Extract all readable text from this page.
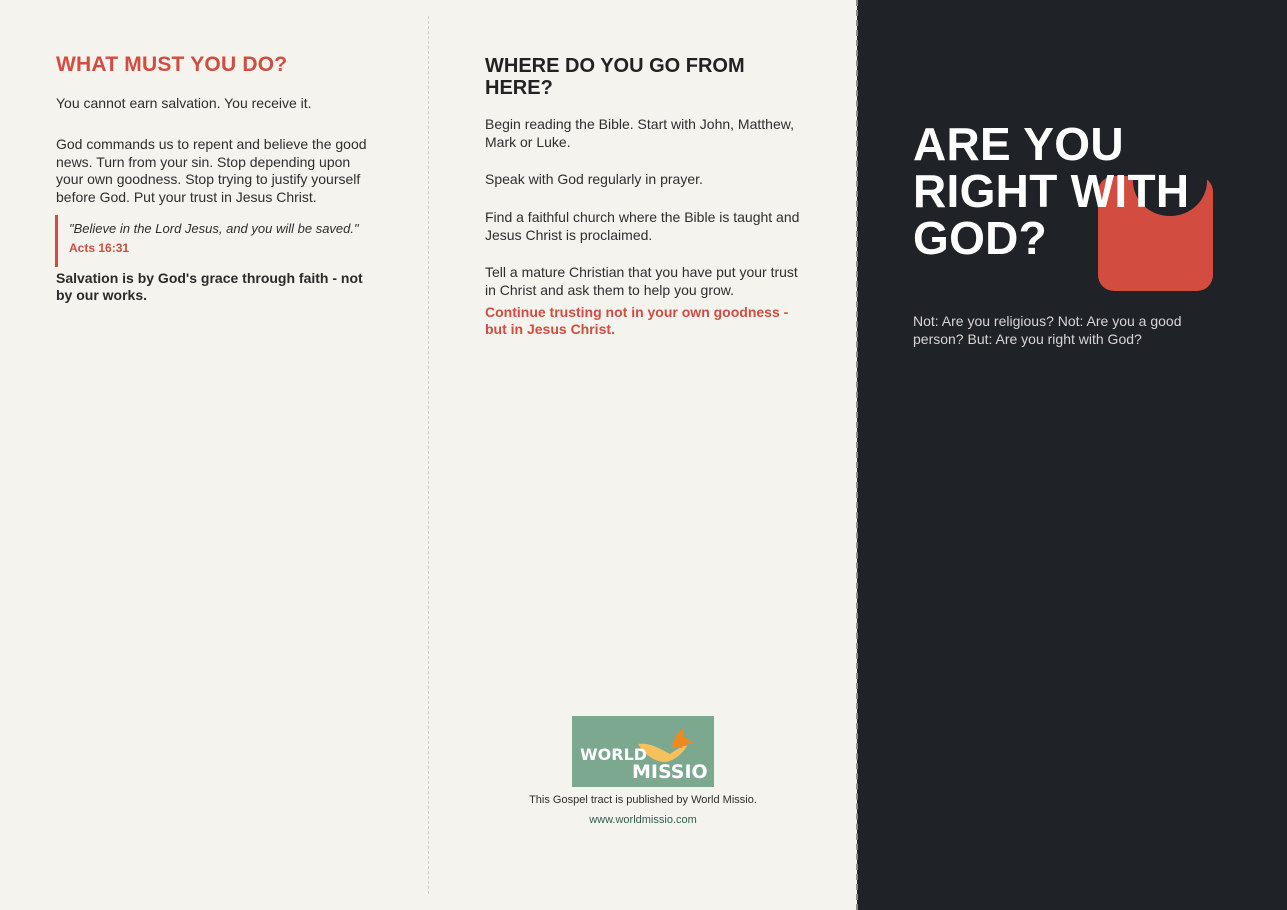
WHAT MUST YOU DO?
You cannot earn salvation. You receive it.
God commands us to repent and believe the good news. Turn from your sin. Stop depending upon your own goodness. Stop trying to justify yourself before God. Put your trust in Jesus Christ.
"Believe in the Lord Jesus, and you will be saved."
Acts 16:31
Salvation is by God's grace through faith - not by our works.
WHERE DO YOU GO FROM HERE?
Begin reading the Bible. Start with John, Matthew, Mark or Luke.
Speak with God regularly in prayer.
Find a faithful church where the Bible is taught and Jesus Christ is proclaimed.
Tell a mature Christian that you have put your trust in Christ and ask them to help you grow.
Continue trusting not in your own goodness - but in Jesus Christ.
WORLD
MISSIO
This Gospel tract is published by World Missio.
www.worldmissio.com
ARE YOU RIGHT WITH GOD?
Not: Are you religious? Not: Are you a good person? But: Are you right with God?
